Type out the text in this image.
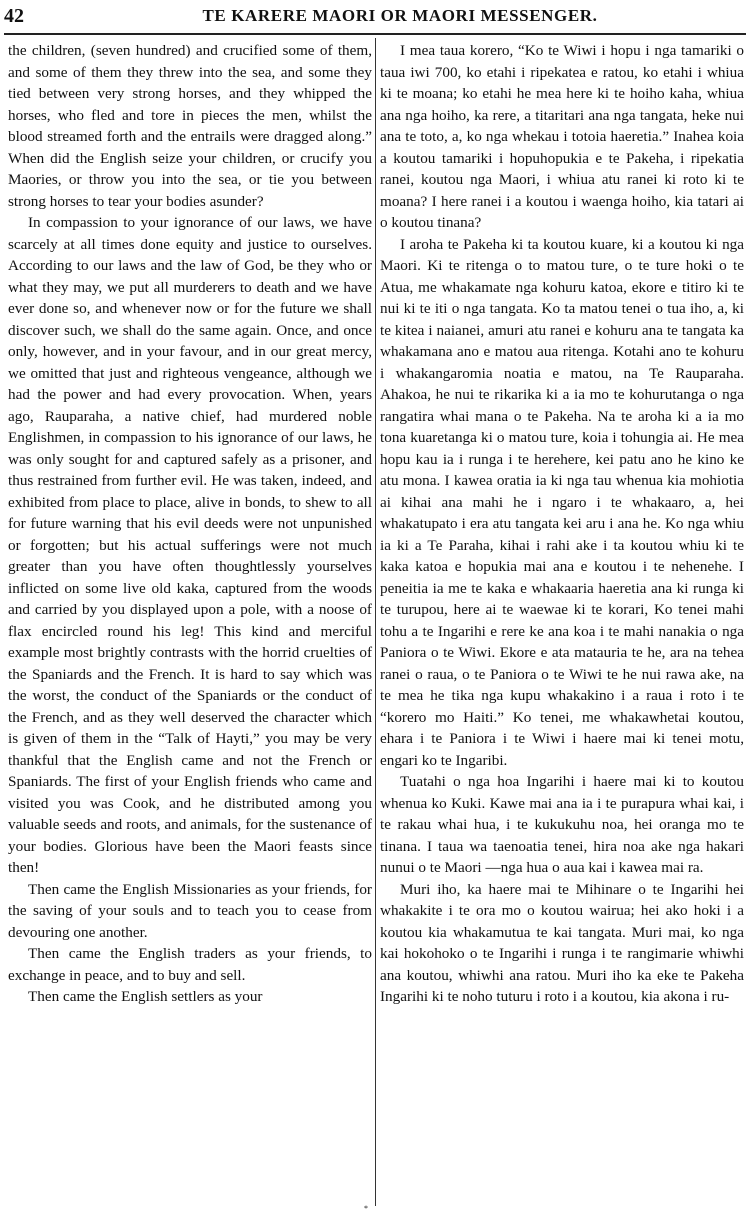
42	TE KARERE MAORI OR MAORI MESSENGER.

the children, (seven hundred) and crucified some of them, and some of them they threw into the sea, and some they tied between very strong horses, and they whipped the horses, who fled and tore in pieces the men, whilst the blood streamed forth and the entrails were dragged along.” When did the English seize your children, or crucify you Maories, or throw you into the sea, or tie you between strong horses to tear your bodies asunder?

In compassion to your ignorance of our laws, we have scarcely at all times done equity and justice to ourselves. According to our laws and the law of God, be they who or what they may, we put all murderers to death and we have ever done so, and whenever now or for the future we shall discover such, we shall do the same again. Once, and once only, however, and in your favour, and in our great mercy, we omitted that just and righteous vengeance, although we had the power and had every provocation. When, years ago, Rauparaha, a native chief, had murdered noble Englishmen, in compassion to his ignorance of our laws, he was only sought for and captured safely as a prisoner, and thus restrained from further evil. He was taken, indeed, and exhibited from place to place, alive in bonds, to shew to all for future warning that his evil deeds were not unpunished or forgotten; but his actual sufferings were not much greater than you have often thoughtlessly yourselves inflicted on some live old kaka, captured from the woods and carried by you displayed upon a pole, with a noose of flax encircled round his leg! This kind and merciful example most brightly contrasts with the horrid cruelties of the Spaniards and the French. It is hard to say which was the worst, the conduct of the Spaniards or the conduct of the French, and as they well deserved the character which is given of them in the “Talk of Hayti,” you may be very thankful that the English came and not the French or Spaniards. The first of your English friends who came and visited you was Cook, and he distributed among you valuable seeds and roots, and animals, for the sustenance of your bodies. Glorious have been the Maori feasts since then!

Then came the English Missionaries as your friends, for the saving of your souls and to teach you to cease from devouring one another.

Then came the English traders as your friends, to exchange in peace, and to buy and sell.

Then came the English settlers as your

I mea taua korero, “Ko te Wiwi i hopu i nga tamariki o taua iwi 700, ko etahi i ripekatea e ratou, ko etahi i whiua ki te moana; ko etahi he mea here ki te hoiho kaha, whiua ana nga hoiho, ka rere, a titaritari ana nga tangata, heke nui ana te toto, a, ko nga whekau i totoia haeretia.” Inahea koia a koutou tamariki i hopuhopukia e te Pakeha, i ripekatia ranei, koutou nga Maori, i whiua atu ranei ki roto ki te moana? I here ranei i a koutou i waenga hoiho, kia tatari ai o koutou tinana?

I aroha te Pakeha ki ta koutou kuare, ki a koutou ki nga Maori. Ki te ritenga o to matou ture, o te ture hoki o te Atua, me whakamate nga kohuru katoa, ekore e titiro ki te nui ki te iti o nga tangata. Ko ta matou tenei o tua iho, a, ki te kitea i naianei, amuri atu ranei e kohuru ana te tangata ka whakamana ano e matou aua ritenga. Kotahi ano te kohuru i whakangaromia noatia e matou, na Te Rauparaha. Ahakoa, he nui te rikarika ki a ia mo te kohurutanga o nga rangatira whai mana o te Pakeha. Na te aroha ki a ia mo tona kuaretanga ki o matou ture, koia i tohungia ai. He mea hopu kau ia i runga i te herehere, kei patu ano he kino ke atu mona. I kawea oratia ia ki nga tau whenua kia mohiotia ai kihai ana mahi he i ngaro i te whakaaro, a, hei whakatupato i era atu tangata kei aru i ana he. Ko nga whiu ia ki a Te Paraha, kihai i rahi ake i ta koutou whiu ki te kaka katoa e hopukia mai ana e koutou i te nehenehe. I peneitia ia me te kaka e whakaaria haeretia ana ki runga ki te turupou, here ai te waewae ki te korari, Ko tenei mahi tohu a te Ingarihi e rere ke ana koa i te mahi nanakia o nga Paniora o te Wiwi. Ekore e ata matauria te he, ara na tehea ranei o raua, o te Paniora o te Wiwi te he nui rawa ake, na te mea he tika nga kupu whakakino i a raua i roto i te “korero mo Haiti.” Ko tenei, me whakawhetai koutou, ehara i te Paniora i te Wiwi i haere mai ki tenei motu, engari ko te Ingaribi.

Tuatahi o nga hoa Ingarihi i haere mai ki to koutou whenua ko Kuki. Kawe mai ana ia i te purapura whai kai, i te rakau whai hua, i te kukukuhu noa, hei oranga mo te tinana. I taua wa taenoatia tenei, hira noa ake nga hakari nunui o te Maori —nga hua o aua kai i kawea mai ra.

Muri iho, ka haere mai te Mihinare o te Ingarihi hei whakakite i te ora mo o koutou wairua; hei ako hoki i a koutou kia whakamutua te kai tangata. Muri mai, ko nga kai hokohoko o te Ingarihi i runga i te rangimarie whiwhi ana koutou, whiwhi ana ratou. Muri iho ka eke te Pakeha Ingarihi ki te noho tuturu i roto i a koutou, kia akona i ru-

*
